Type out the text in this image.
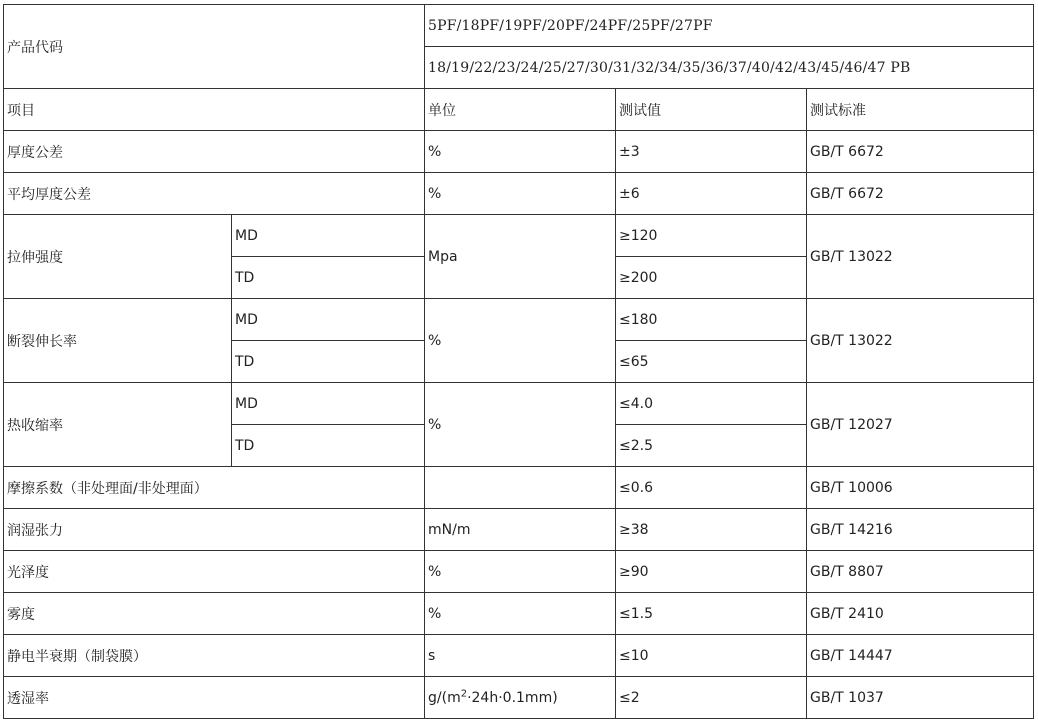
产品代码		5PF/18PF/19PF/20PF/24PF/25PF/27PF		
		18/19/22/23/24/25/27/30/31/32/34/35/36/37/40/42/43/45/46/47 PB		
项目		单位	测试值	测试标准
厚度公差		%	±3	GB/T 6672
平均厚度公差		%	±6	GB/T 6672
拉伸强度	MD	Mpa	≥120	GB/T 13022
	TD		≥200	
断裂伸长率	MD	%	≤180	GB/T 13022
	TD		≤65	
热收缩率	MD	%	≤4.0	GB/T 12027
	TD		≤2.5	
摩擦系数（非处理面/非处理面）			≤0.6	GB/T 10006
润湿张力		mN/m	≥38	GB/T 14216
光泽度		%	≥90	GB/T 8807
雾度		%	≤1.5	GB/T 2410
静电半衰期（制袋膜）		s	≤10	GB/T 14447
透湿率		$g/(m^2\cdot 24h\cdot 0.1mm)$	≤2	GB/T 1037
